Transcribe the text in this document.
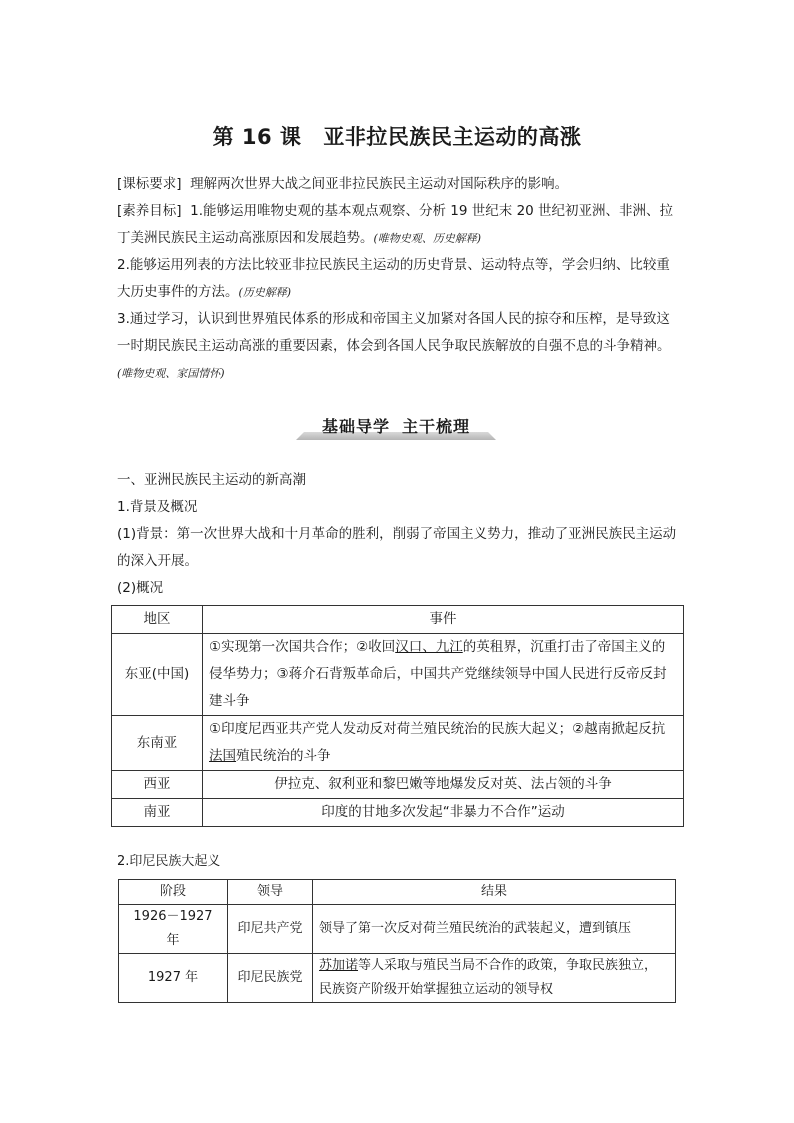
第 16 课 亚非拉民族民主运动的高涨
[课标要求] 理解两次世界大战之间亚非拉民族民主运动对国际秩序的影响。
[素养目标] 1.能够运用唯物史观的基本观点观察、分析 19 世纪末 20 世纪初亚洲、非洲、拉丁美洲民族民主运动高涨原因和发展趋势。(唯物史观、历史解释)
2.能够运用列表的方法比较亚非拉民族民主运动的历史背景、运动特点等，学会归纳、比较重大历史事件的方法。(历史解释)
3.通过学习，认识到世界殖民体系的形成和帝国主义加紧对各国人民的掠夺和压榨，是导致这一时期民族民主运动高涨的重要因素，体会到各国人民争取民族解放的自强不息的斗争精神。(唯物史观、家国情怀)
基础导学 主干梳理
一、亚洲民族民主运动的新高潮
1.背景及概况
(1)背景：第一次世界大战和十月革命的胜利，削弱了帝国主义势力，推动了亚洲民族民主运动的深入开展。
(2)概况
地区	事件
东亚(中国)	①实现第一次国共合作；②收回汉口、九江的英租界，沉重打击了帝国主义的侵华势力；③蒋介石背叛革命后，中国共产党继续领导中国人民进行反帝反封建斗争
东南亚	①印度尼西亚共产党人发动反对荷兰殖民统治的民族大起义；②越南掀起反抗法国殖民统治的斗争
西亚	伊拉克、叙利亚和黎巴嫩等地爆发反对英、法占领的斗争
南亚	印度的甘地多次发起“非暴力不合作”运动
2.印尼民族大起义
阶段	领导	结果
1926－1927 年	印尼共产党	领导了第一次反对荷兰殖民统治的武装起义，遭到镇压
1927 年	印尼民族党	苏加诺等人采取与殖民当局不合作的政策，争取民族独立，民族资产阶级开始掌握独立运动的领导权
